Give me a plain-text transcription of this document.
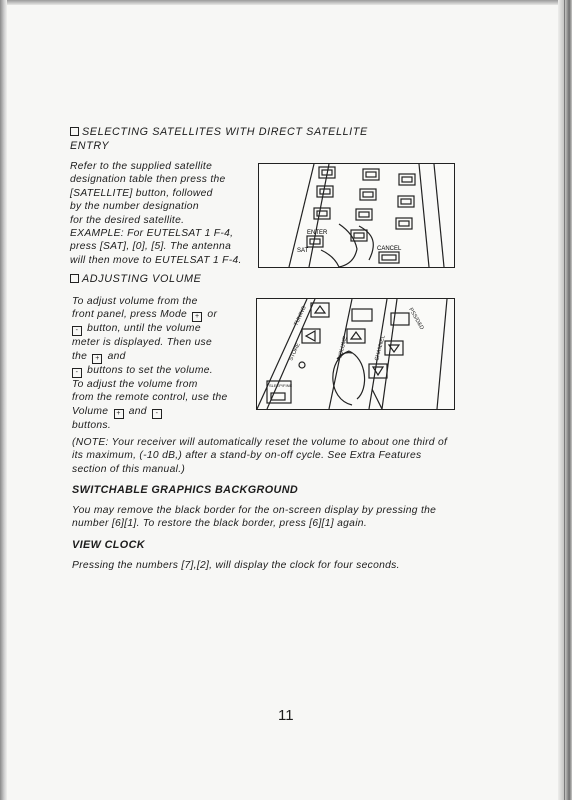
SELECTING SATELLITES WITH DIRECT SATELLITE
ENTRY
Refer to the supplied satellite
designation table then press the
[SATELLITE] button, followed
by the number designation
for the desired satellite.
EXAMPLE: For EUTELSAT 1 F-4,
press [SAT], [0], [5]. The antenna
will then move to EUTELSAT 1 F-4.
ENTER
SAT	CANCEL
ADJUSTING VOLUME
To adjust volume from the
front panel, press Mode + or
- button, until the volume
meter is displayed. Then use
the + and
- buttons to set the volume.
To adjust the volume from
from the remote control, use the
Volume + and -
buttons.
TUNING
STORE	VOLUME	CHANNEL
PSS/D&D
SLEEP/FINE
(NOTE: Your receiver will automatically reset the volume to about one third of
its maximum, (-10 dB,) after a stand-by on-off cycle. See Extra Features
section of this manual.)
SWITCHABLE GRAPHICS BACKGROUND
You may remove the black border for the on-screen display by pressing the
number [6][1]. To restore the black border, press [6][1] again.
VIEW CLOCK
Pressing the numbers [7],[2], will display the clock for four seconds.
11
